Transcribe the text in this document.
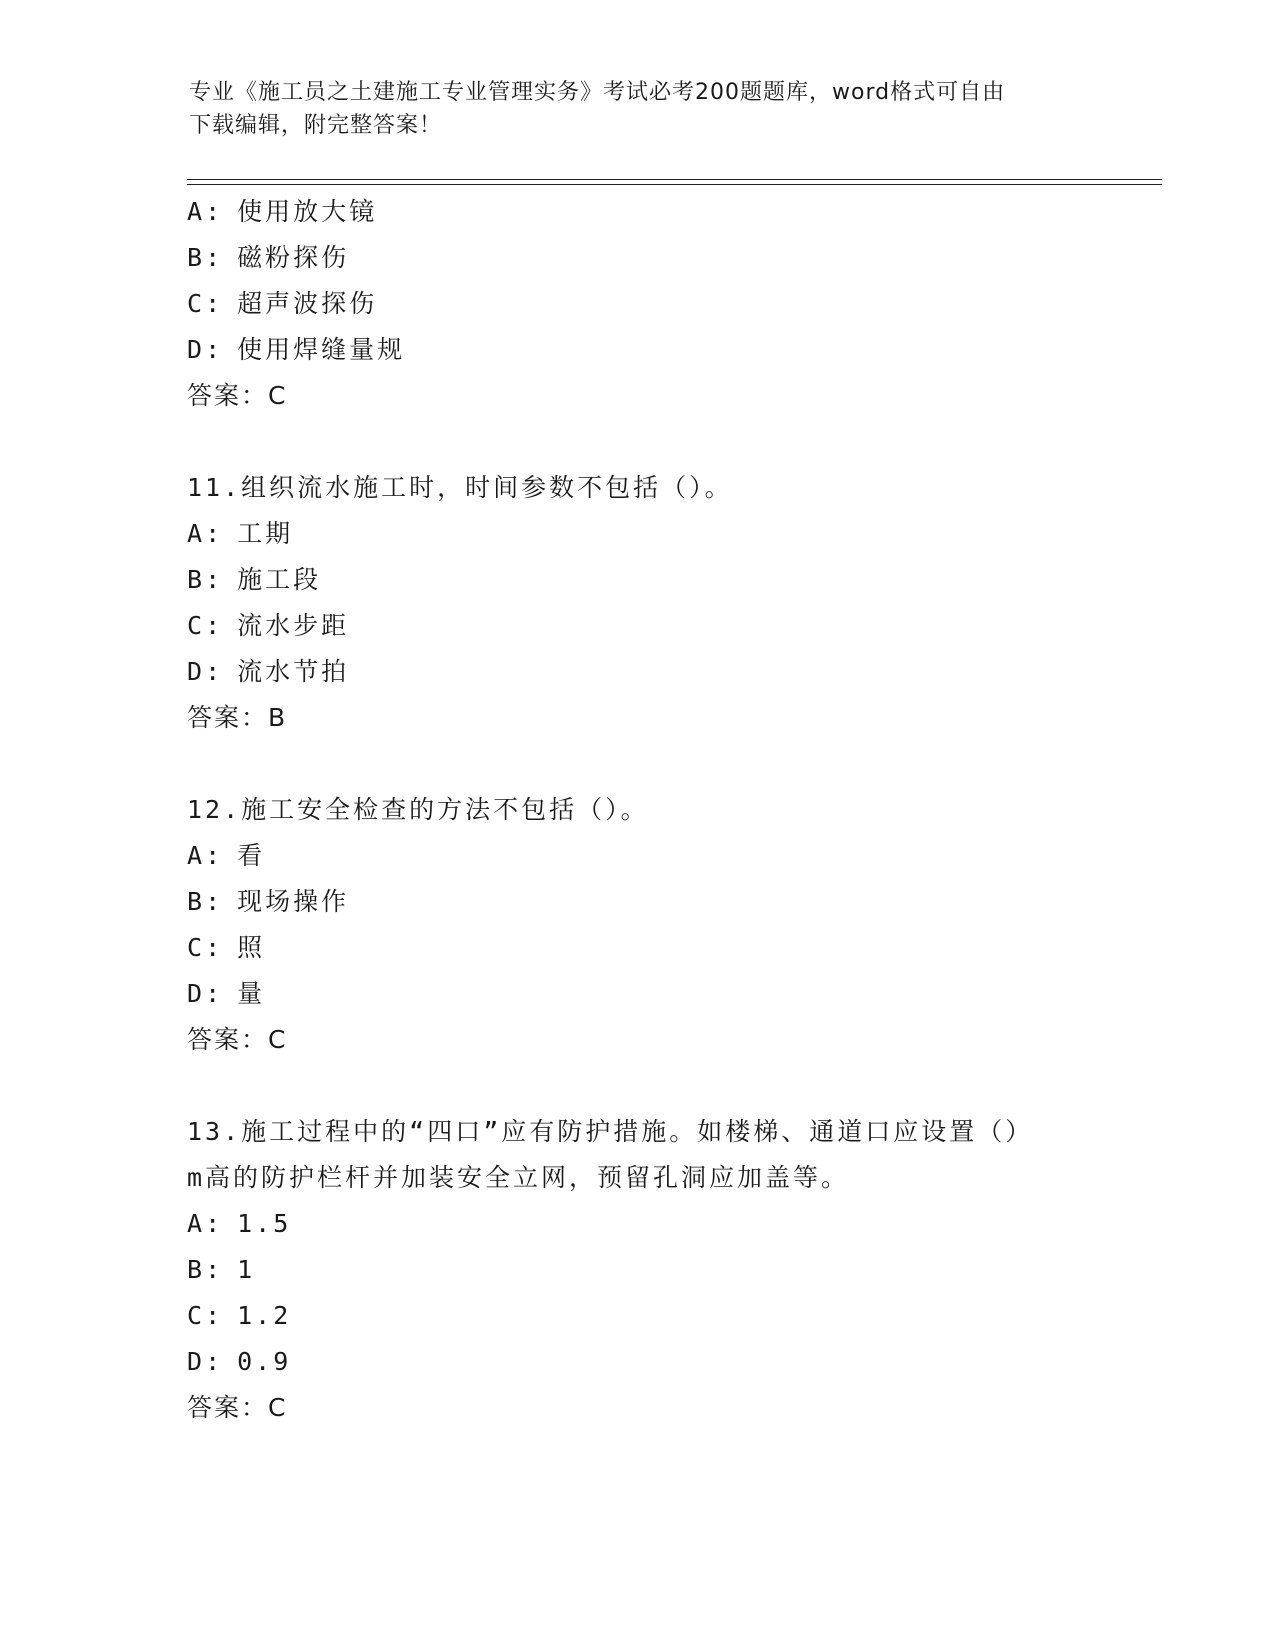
专业《施工员之土建施工专业管理实务》考试必考200题题库，word格式可自由
下载编辑，附完整答案！
A: 使用放大镜
B: 磁粉探伤
C: 超声波探伤
D: 使用焊缝量规
答案：C
11.组织流水施工时，时间参数不包括（）。
A: 工期
B: 施工段
C: 流水步距
D: 流水节拍
答案：B
12.施工安全检查的方法不包括（）。
A: 看
B: 现场操作
C: 照
D: 量
答案：C
13.施工过程中的“四口”应有防护措施。如楼梯、通道口应设置（）
m高的防护栏杆并加装安全立网，预留孔洞应加盖等。
A: 1.5
B: 1
C: 1.2
D: 0.9
答案：C
